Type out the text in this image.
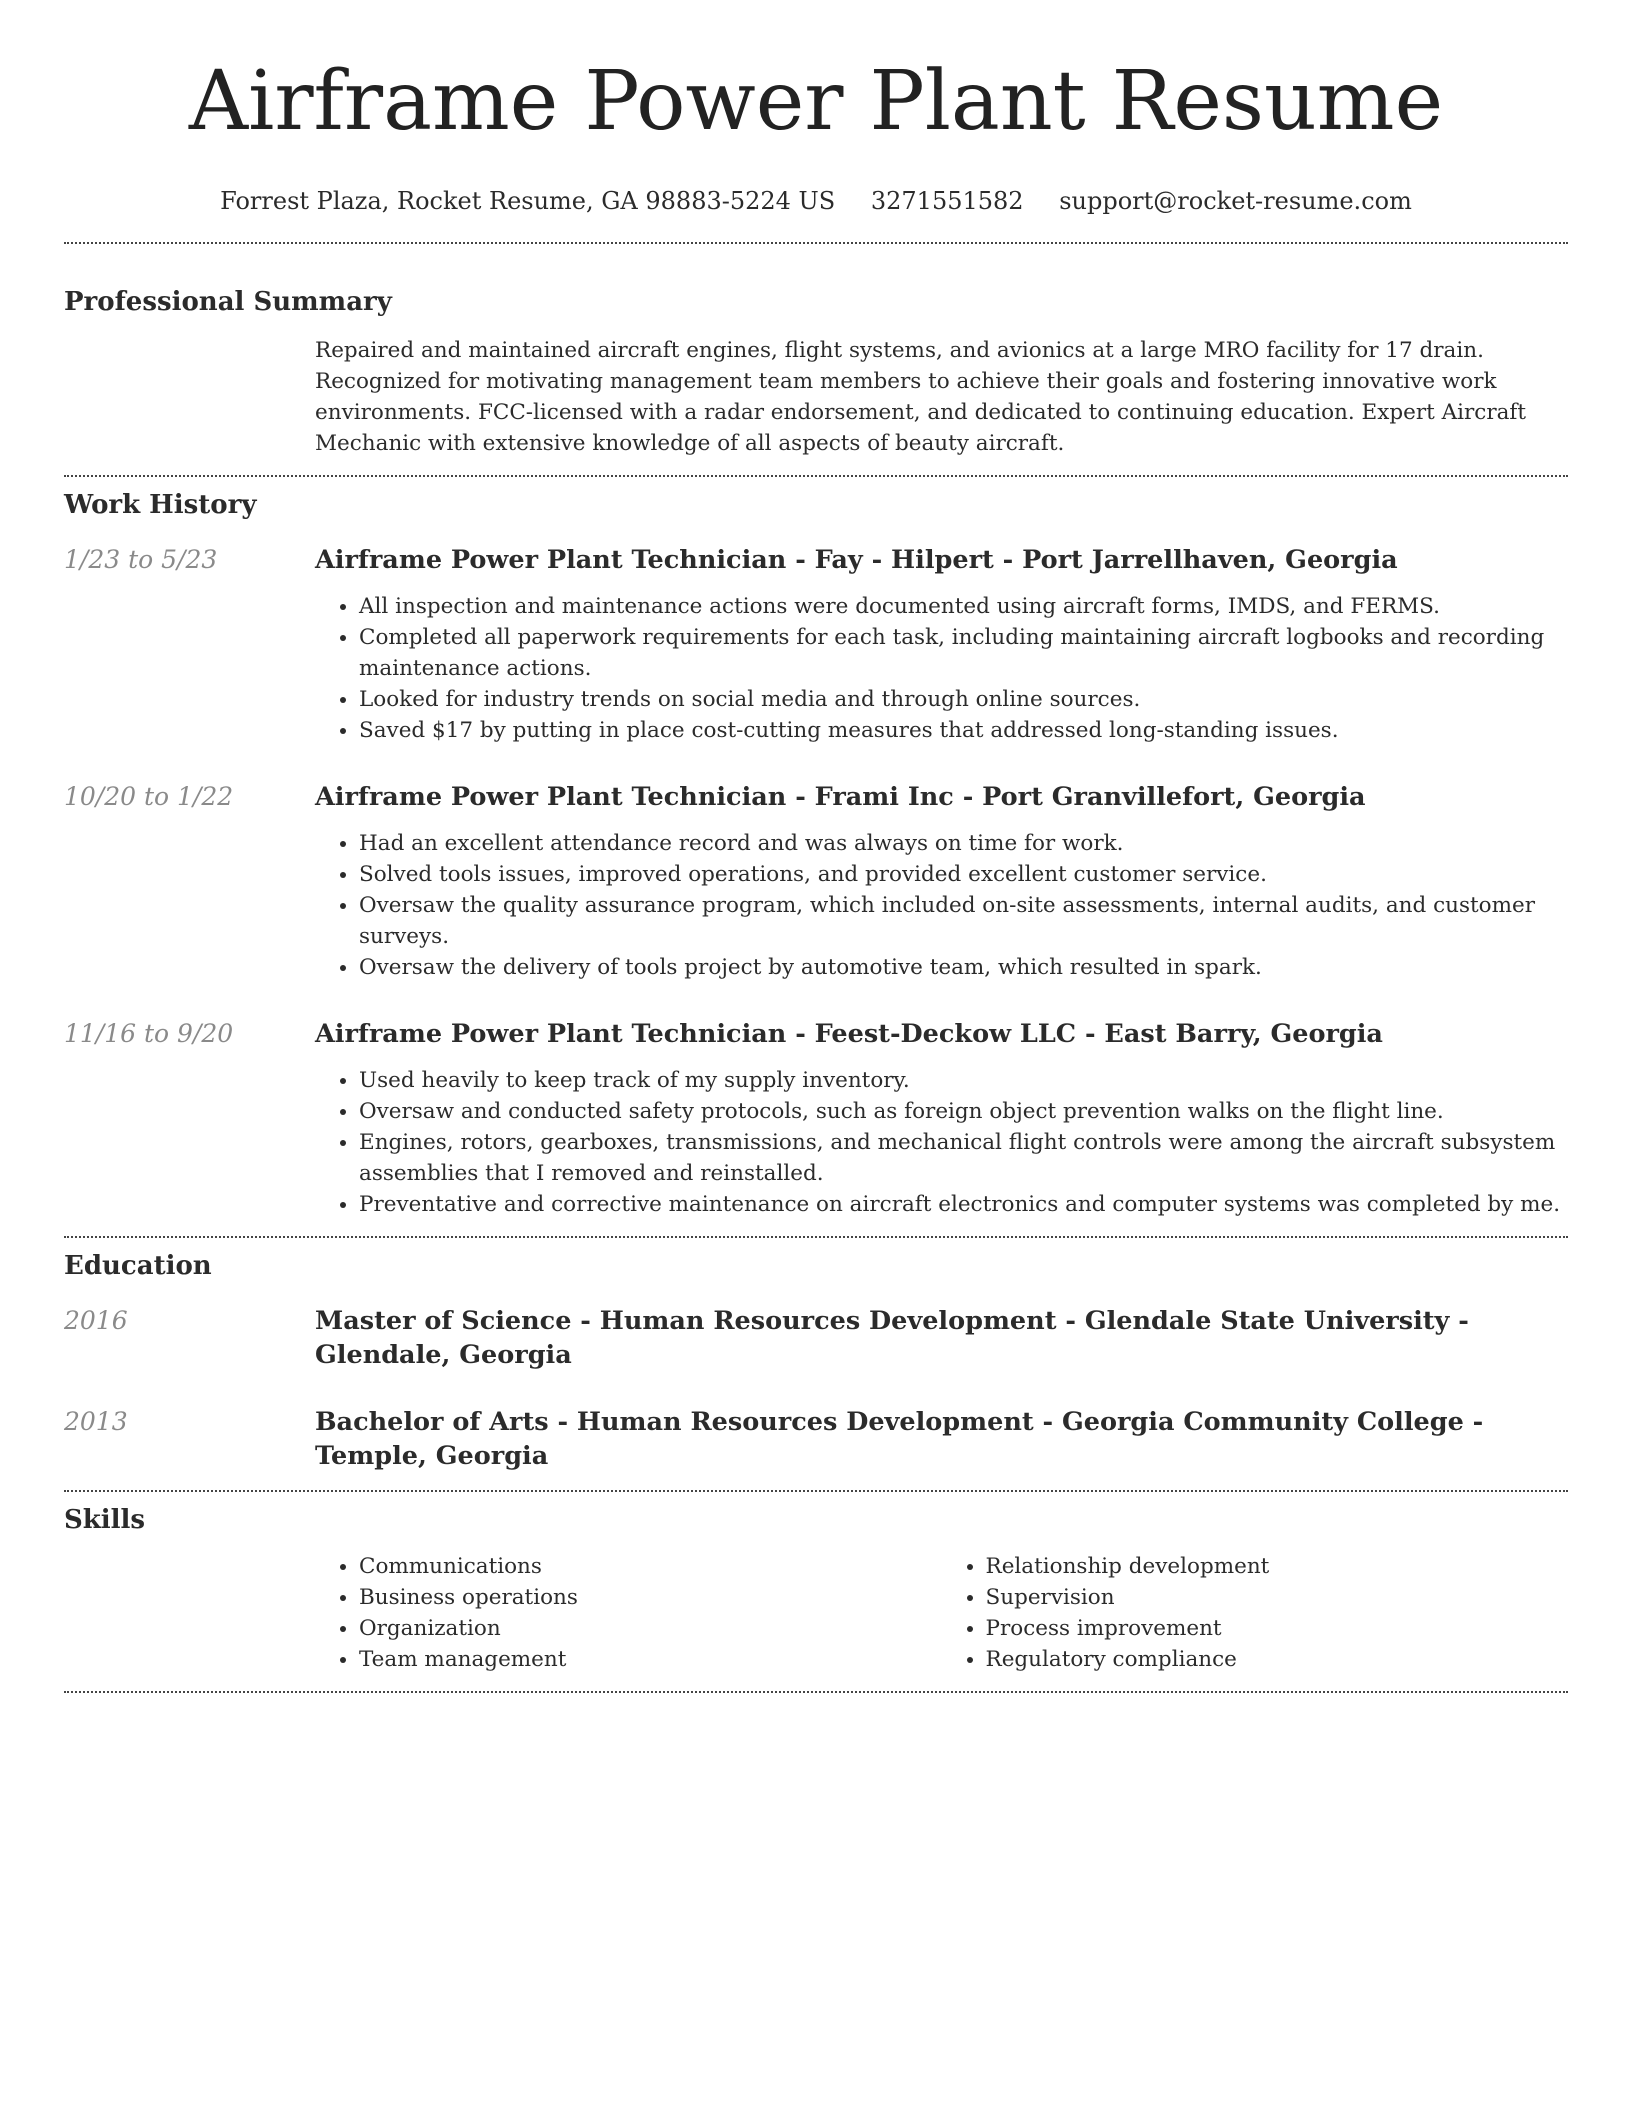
Airframe Power Plant Resume
Forrest Plaza, Rocket Resume, GA 98883-5224 US 3271551582 support@rocket-resume.com
Professional Summary

Repaired and maintained aircraft engines, flight systems, and avionics at a large MRO facility for 17 drain. Recognized for motivating management team members to achieve their goals and fostering innovative work environments. FCC-licensed with a radar endorsement, and dedicated to continuing education. Expert Aircraft Mechanic with extensive knowledge of all aspects of beauty aircraft.

Work History
1/23 to 5/23	Airframe Power Plant Technician - Fay - Hilpert - Port Jarrellhaven, Georgia
• All inspection and maintenance actions were documented using aircraft forms, IMDS, and FERMS.
• Completed all paperwork requirements for each task, including maintaining aircraft logbooks and recording maintenance actions.
• Looked for industry trends on social media and through online sources.
• Saved $17 by putting in place cost-cutting measures that addressed long-standing issues.
10/20 to 1/22	Airframe Power Plant Technician - Frami Inc - Port Granvillefort, Georgia
• Had an excellent attendance record and was always on time for work.
• Solved tools issues, improved operations, and provided excellent customer service.
• Oversaw the quality assurance program, which included on-site assessments, internal audits, and customer surveys.
• Oversaw the delivery of tools project by automotive team, which resulted in spark.
11/16 to 9/20	Airframe Power Plant Technician - Feest-Deckow LLC - East Barry, Georgia
• Used heavily to keep track of my supply inventory.
• Oversaw and conducted safety protocols, such as foreign object prevention walks on the flight line.
• Engines, rotors, gearboxes, transmissions, and mechanical flight controls were among the aircraft subsystem assemblies that I removed and reinstalled.
• Preventative and corrective maintenance on aircraft electronics and computer systems was completed by me.
Education
2016	Master of Science - Human Resources Development - Glendale State University - Glendale, Georgia
2013	Bachelor of Arts - Human Resources Development - Georgia Community College - Temple, Georgia
Skills
• Communications
• Business operations
• Organization
• Team management
• Relationship development
• Supervision
• Process improvement
• Regulatory compliance
